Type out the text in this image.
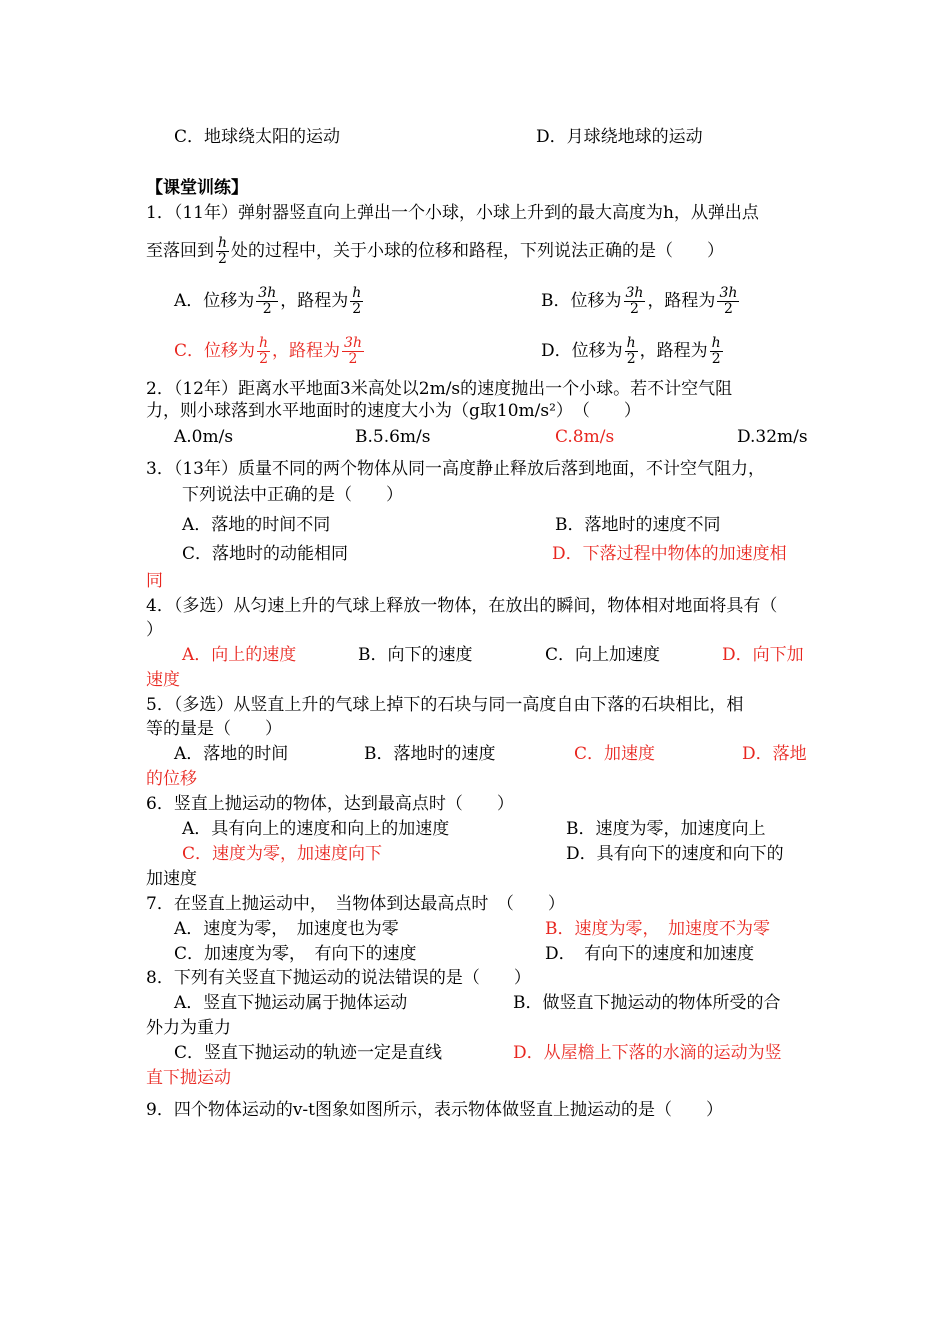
C．地球绕太阳的运动	D．月球绕地球的运动
【课堂训练】
1．（11年）弹射器竖直向上弹出一个小球，小球上升到的最大高度为h，从弹出点
至落回到 $\frac{h}{2}$ 处的过程中，关于小球的位移和路程，下列说法正确的是（　　）
A．位移为 $\frac{3h}{2}$ ，路程为 $\frac{h}{2}$	B．位移为 $\frac{3h}{2}$ ，路程为 $\frac{3h}{2}$
C．位移为 $\frac{h}{2}$ ，路程为 $\frac{3h}{2}$	D．位移为 $\frac{h}{2}$ ，路程为 $\frac{h}{2}$
2．（12年）距离水平地面3米高处以2m/s的速度抛出一个小球。若不计空气阻
力，则小球落到水平地面时的速度大小为（g取10m/s²）　（　　）
A.0m/s	B.5.6m/s	C.8m/s	D.32m/s
3．（13年）质量不同的两个物体从同一高度静止释放后落到地面，不计空气阻力，
下列说法中正确的是（　　）
A．落地的时间不同	B．落地时的速度不同
C．落地时的动能相同	D．下落过程中物体的加速度相
同
4．（多选）从匀速上升的气球上释放一物体，在放出的瞬间，物体相对地面将具有（
）
A．向上的速度	B．向下的速度	C．向上加速度	D．向下加
速度
5．（多选）从竖直上升的气球上掉下的石块与同一高度自由下落的石块相比，相
等的量是（　　）
A．落地的时间	B．落地时的速度	C．加速度	D．落地
的位移
6．竖直上抛运动的物体，达到最高点时（　　）
A．具有向上的速度和向上的加速度	B．速度为零，加速度向上
C．速度为零，加速度向下	D．具有向下的速度和向下的
加速度
7．在竖直上抛运动中，　当物体到达最高点时　（　　）
A．速度为零，　加速度也为零	B．速度为零，　加速度不为零
C．加速度为零，　有向下的速度	D．　有向下的速度和加速度
8．下列有关竖直下抛运动的说法错误的是（　　）
A．竖直下抛运动属于抛体运动	B．做竖直下抛运动的物体所受的合
外力为重力
C．竖直下抛运动的轨迹一定是直线	D．从屋檐上下落的水滴的运动为竖
直下抛运动
9．四个物体运动的v-t图象如图所示，表示物体做竖直上抛运动的是（　　）
